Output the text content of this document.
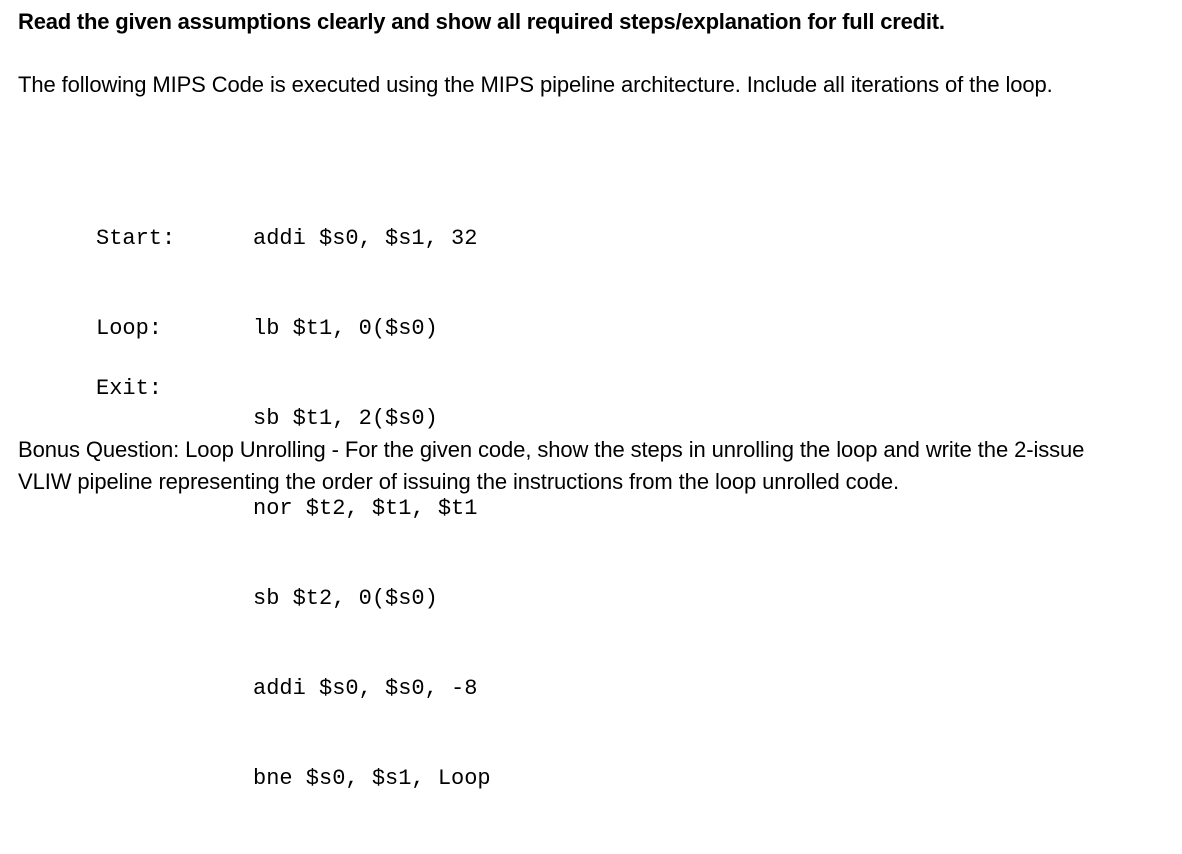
Read the given assumptions clearly and show all required steps/explanation for full credit.
The following MIPS Code is executed using the MIPS pipeline architecture. Include all iterations of the loop.

Start:

Loop:

addi $s0, $s1, 32

lb $t1, 0($s0)

sb $t1, 2($s0)

nor $t2, $t1, $t1

sb $t2, 0($s0)

addi $s0, $s0, -8

bne $s0, $s1, Loop

Exit:
Bonus Question: Loop Unrolling - For the given code, show the steps in unrolling the loop and write the 2-issue VLIW pipeline representing the order of issuing the instructions from the loop unrolled code.
